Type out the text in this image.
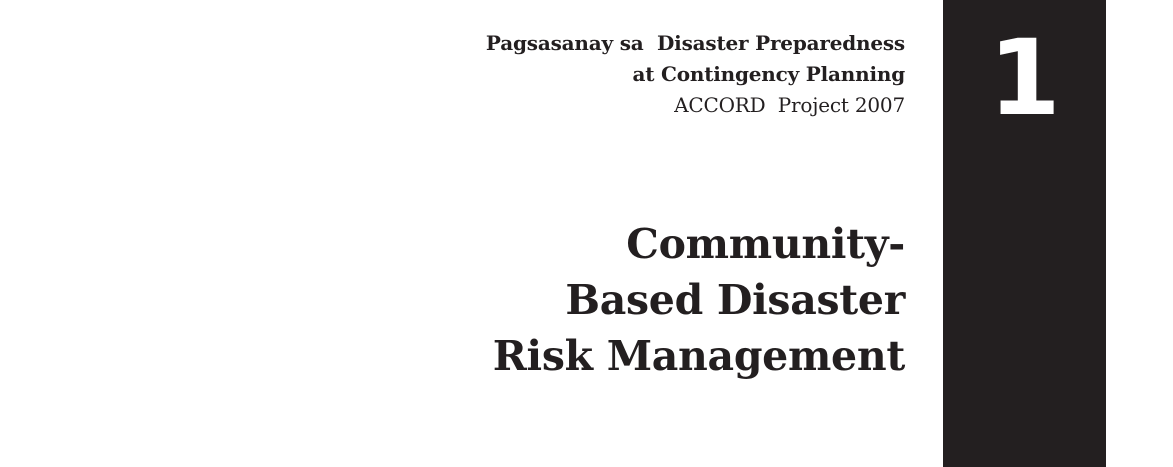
Pagsasanay sa  Disaster Preparedness
at Contingency Planning
ACCORD  Project 2007
Community-
Based Disaster
Risk Management
1
